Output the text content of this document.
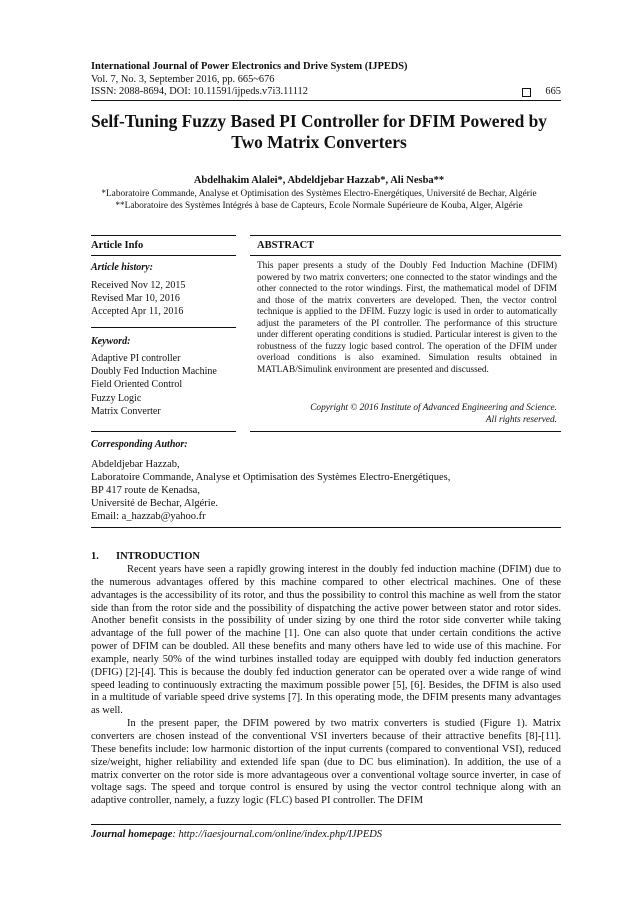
International Journal of Power Electronics and Drive System (IJPEDS)
Vol. 7, No. 3, September 2016, pp. 665~676
ISSN: 2088-8694, DOI: 10.11591/ijpeds.v7i3.11112	665
Self-Tuning Fuzzy Based PI Controller for DFIM Powered by
Two Matrix Converters
Abdelhakim Alalei*, Abdeldjebar Hazzab*, Ali Nesba**
*Laboratoire Commande, Analyse et Optimisation des Systèmes Electro-Energétiques, Université de Bechar, Algérie
**Laboratoire des Systèmes Intégrés à base de Capteurs, Ecole Normale Supérieure de Kouba, Alger, Algérie
Article Info	ABSTRACT
Article history:
Received Nov 12, 2015
Revised Mar 10, 2016
Accepted Apr 11, 2016
Keyword:
Adaptive PI controller
Doubly Fed Induction Machine
Field Oriented Control
Fuzzy Logic
Matrix Converter
This paper presents a study of the Doubly Fed Induction Machine (DFIM) powered by two matrix converters; one connected to the stator windings and the other connected to the rotor windings. First, the mathematical model of DFIM and those of the matrix converters are developed. Then, the vector control technique is applied to the DFIM. Fuzzy logic is used in order to automatically adjust the parameters of the PI controller. The performance of this structure under different operating conditions is studied. Particular interest is given to the robustness of the fuzzy logic based control. The operation of the DFIM under overload conditions is also examined. Simulation results obtained in MATLAB/Simulink environment are presented and discussed.
Copyright © 2016 Institute of Advanced Engineering and Science.
All rights reserved.
Corresponding Author:
Abdeldjebar Hazzab,
Laboratoire Commande, Analyse et Optimisation des Systèmes Electro-Energétiques,
BP 417 route de Kenadsa,
Université de Bechar, Algérie.
Email: a_hazzab@yahoo.fr
1. INTRODUCTION

Recent years have seen a rapidly growing interest in the doubly fed induction machine (DFIM) due to the numerous advantages offered by this machine compared to other electrical machines. One of these advantages is the accessibility of its rotor, and thus the possibility to control this machine as well from the stator side than from the rotor side and the possibility of dispatching the active power between stator and rotor sides. Another benefit consists in the possibility of under sizing by one third the rotor side converter while taking advantage of the full power of the machine [1]. One can also quote that under certain conditions the active power of DFIM can be doubled. All these benefits and many others have led to wide use of this machine. For example, nearly 50% of the wind turbines installed today are equipped with doubly fed induction generators (DFIG) [2]-[4]. This is because the doubly fed induction generator can be operated over a wide range of wind speed leading to continuously extracting the maximum possible power [5], [6]. Besides, the DFIM is also used in a multitude of variable speed drive systems [7]. In this operating mode, the DFIM presents many advantages as well.

In the present paper, the DFIM powered by two matrix converters is studied (Figure 1). Matrix converters are chosen instead of the conventional VSI inverters because of their attractive benefits [8]-[11]. These benefits include: low harmonic distortion of the input currents (compared to conventional VSI), reduced size/weight, higher reliability and extended life span (due to DC bus elimination). In addition, the use of a matrix converter on the rotor side is more advantageous over a conventional voltage source inverter, in case of voltage sags. The speed and torque control is ensured by using the vector control technique along with an adaptive controller, namely, a fuzzy logic (FLC) based PI controller. The DFIM

Journal homepage: http://iaesjournal.com/online/index.php/IJPEDS
